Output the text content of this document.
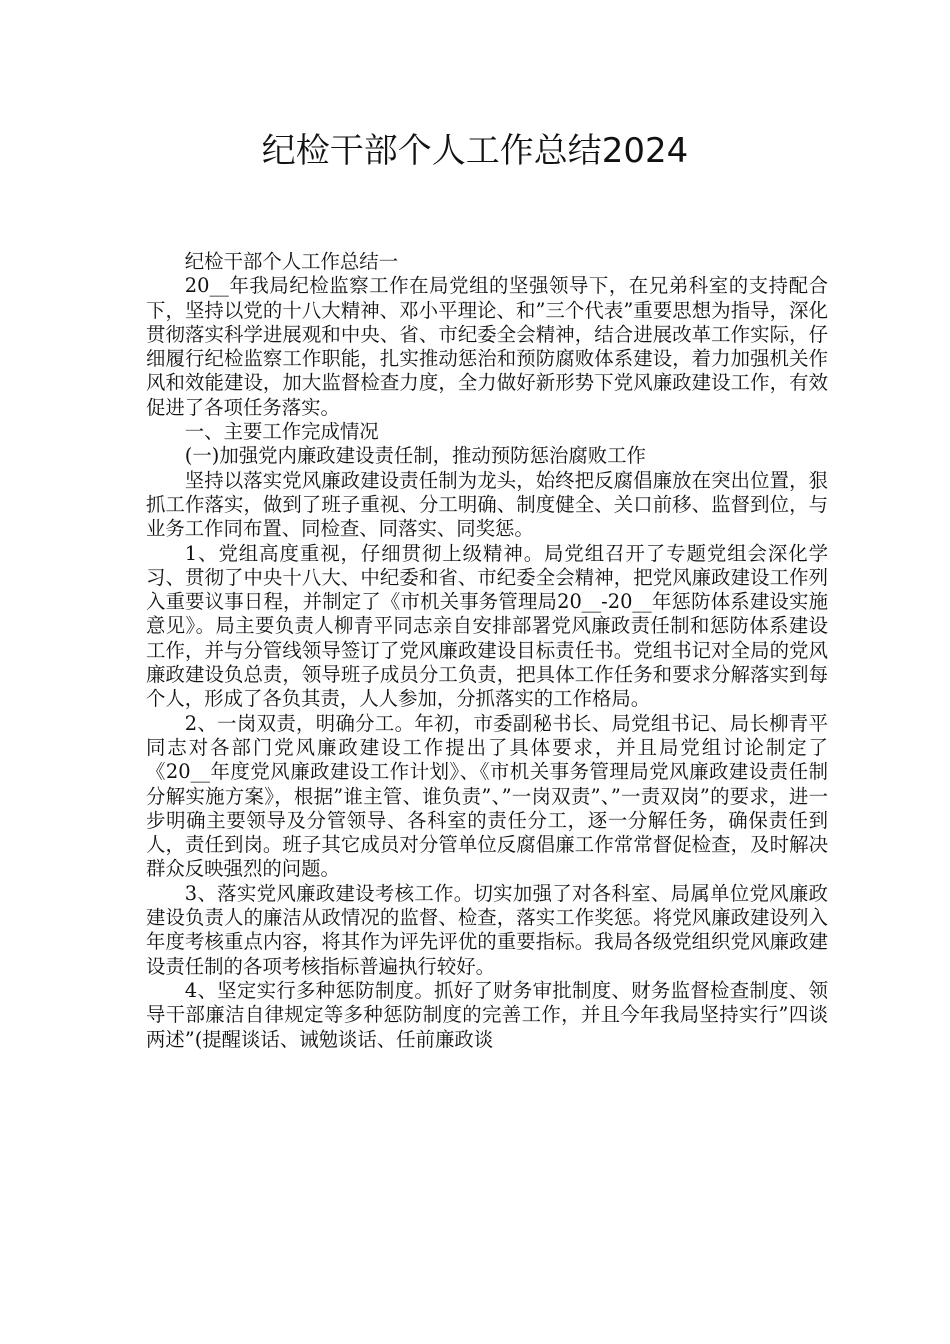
纪检干部个人工作总结2024

纪检干部个人工作总结一

20__年我局纪检监察工作在局党组的坚强领导下，在兄弟科室的支持配合下，坚持以党的十八大精神、邓小平理论、和”三个代表”重要思想为指导，深化贯彻落实科学进展观和中央、省、市纪委全会精神，结合进展改革工作实际，仔细履行纪检监察工作职能，扎实推动惩治和预防腐败体系建设，着力加强机关作风和效能建设，加大监督检查力度，全力做好新形势下党风廉政建设工作，有效促进了各项任务落实。

一、主要工作完成情况

(一)加强党内廉政建设责任制，推动预防惩治腐败工作

坚持以落实党风廉政建设责任制为龙头，始终把反腐倡廉放在突出位置，狠抓工作落实，做到了班子重视、分工明确、制度健全、关口前移、监督到位，与业务工作同布置、同检查、同落实、同奖惩。

1、党组高度重视，仔细贯彻上级精神。局党组召开了专题党组会深化学习、贯彻了中央十八大、中纪委和省、市纪委全会精神，把党风廉政建设工作列入重要议事日程，并制定了《市机关事务管理局20__-20__年惩防体系建设实施意见》。局主要负责人柳青平同志亲自安排部署党风廉政责任制和惩防体系建设工作，并与分管线领导签订了党风廉政建设目标责任书。党组书记对全局的党风廉政建设负总责，领导班子成员分工负责，把具体工作任务和要求分解落实到每个人，形成了各负其责，人人参加，分抓落实的工作格局。

2、一岗双责，明确分工。年初，市委副秘书长、局党组书记、局长柳青平同志对各部门党风廉政建设工作提出了具体要求，并且局党组讨论制定了《20__年度党风廉政建设工作计划》、《市机关事务管理局党风廉政建设责任制分解实施方案》，根据”谁主管、谁负责”、”一岗双责”、”一责双岗”的要求，进一步明确主要领导及分管领导、各科室的责任分工，逐一分解任务，确保责任到人，责任到岗。班子其它成员对分管单位反腐倡廉工作常常督促检查，及时解决群众反映强烈的问题。

3、落实党风廉政建设考核工作。切实加强了对各科室、局属单位党风廉政建设负责人的廉洁从政情况的监督、检查，落实工作奖惩。将党风廉政建设列入年度考核重点内容，将其作为评先评优的重要指标。我局各级党组织党风廉政建设责任制的各项考核指标普遍执行较好。

4、坚定实行多种惩防制度。抓好了财务审批制度、财务监督检查制度、领导干部廉洁自律规定等多种惩防制度的完善工作，并且今年我局坚持实行”四谈两述”(提醒谈话、诫勉谈话、任前廉政谈
